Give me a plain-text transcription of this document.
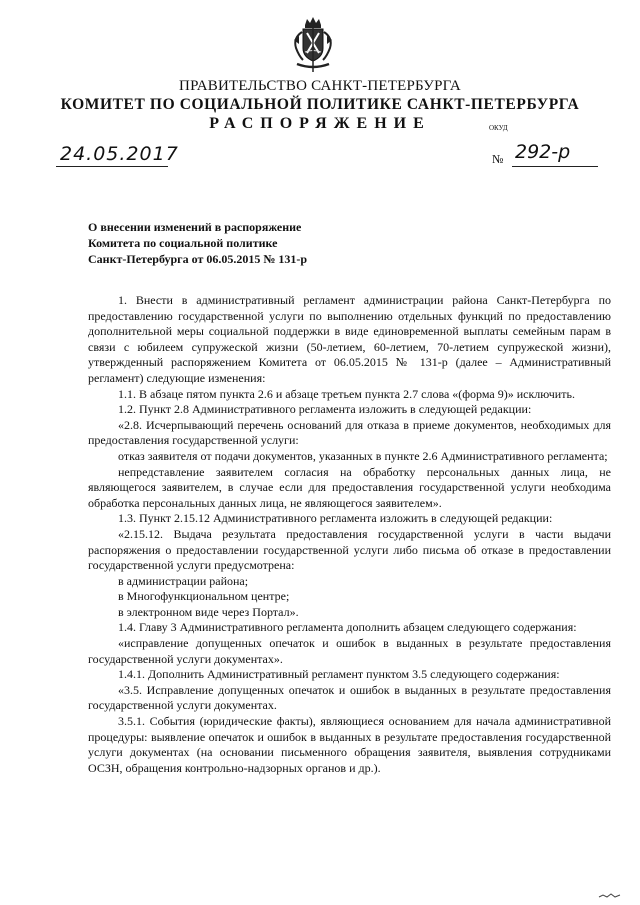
ПРАВИТЕЛЬСТВО САНКТ-ПЕТЕРБУРГА
КОМИТЕТ ПО СОЦИАЛЬНОЙ ПОЛИТИКЕ САНКТ-ПЕТЕРБУРГА
РАСПОРЯЖЕНИЕ	ОКУД
24.05.2017	№ 292-р
О внесении изменений в распоряжение
Комитета по социальной политике
Санкт-Петербурга от 06.05.2015 № 131-р

1. Внести в административный регламент администрации района Санкт-Петербурга по предоставлению государственной услуги по выполнению отдельных функций по предоставлению дополнительной меры социальной поддержки в виде единовременной выплаты семейным парам в связи с юбилеем супружеской жизни (50-летием, 60-летием, 70-летием супружеской жизни), утвержденный распоряжением Комитета от 06.05.2015 № 131-р (далее – Административный регламент) следующие изменения:

1.1. В абзаце пятом пункта 2.6 и абзаце третьем пункта 2.7 слова «(форма 9)» исключить.

1.2. Пункт 2.8 Административного регламента изложить в следующей редакции:

«2.8. Исчерпывающий перечень оснований для отказа в приеме документов, необходимых для предоставления государственной услуги:

отказ заявителя от подачи документов, указанных в пункте 2.6 Административного регламента;

непредставление заявителем согласия на обработку персональных данных лица, не являющегося заявителем, в случае если для предоставления государственной услуги необходима обработка персональных данных лица, не являющегося заявителем».

1.3. Пункт 2.15.12 Административного регламента изложить в следующей редакции:

«2.15.12. Выдача результата предоставления государственной услуги в части выдачи распоряжения о предоставлении государственной услуги либо письма об отказе в предоставлении государственной услуги предусмотрена:

в администрации района;

в Многофункциональном центре;

в электронном виде через Портал».

1.4. Главу 3 Административного регламента дополнить абзацем следующего содержания:

«исправление допущенных опечаток и ошибок в выданных в результате предоставления государственной услуги документах».

1.4.1. Дополнить Административный регламент пунктом 3.5 следующего содержания:

«3.5. Исправление допущенных опечаток и ошибок в выданных в результате предоставления государственной услуги документах.

3.5.1. События (юридические факты), являющиеся основанием для начала административной процедуры: выявление опечаток и ошибок в выданных в результате предоставления государственной услуги документах (на основании письменного обращения заявителя, выявления сотрудниками ОСЗН, обращения контрольно-надзорных органов и др.).
